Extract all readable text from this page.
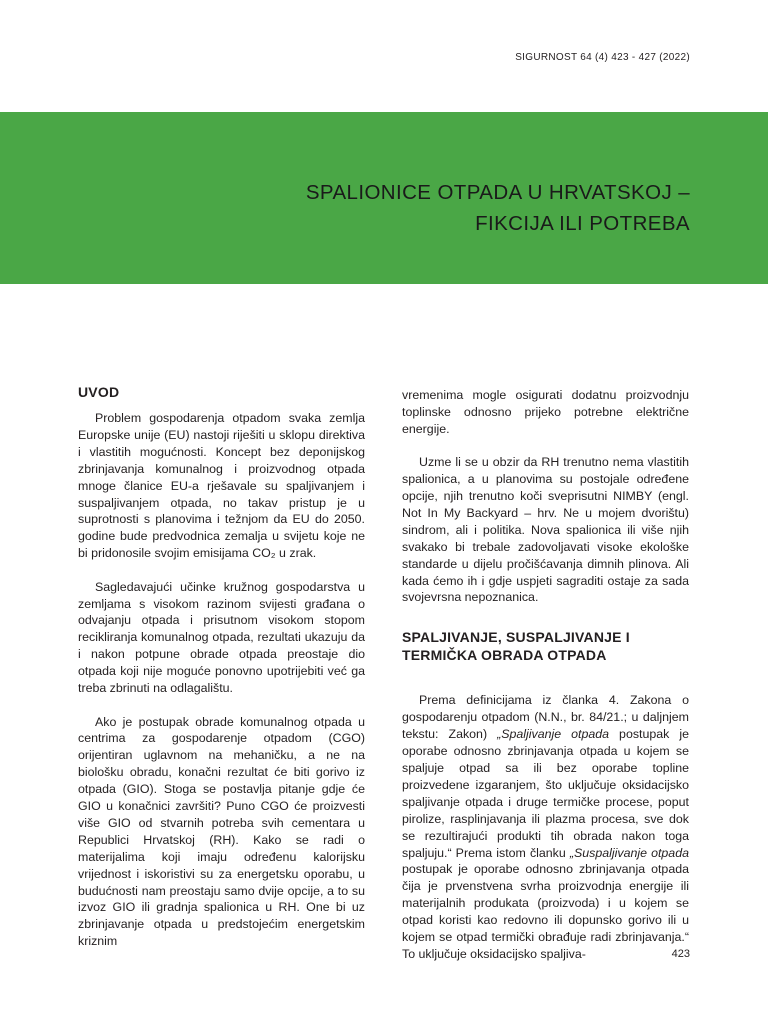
SIGURNOST 64 (4) 423 - 427 (2022)
SPALIONICE OTPADA U HRVATSKOJ –
FIKCIJA ILI POTREBA
UVOD

Problem gospodarenja otpadom svaka zemlja Europske unije (EU) nastoji riješiti u sklopu direktiva i vlastitih mogućnosti. Koncept bez deponijskog zbrinjavanja komunalnog i proizvodnog otpada mnoge članice EU-a rješavale su spaljivanjem i suspaljivanjem otpada, no takav pristup je u suprotnosti s planovima i težnjom da EU do 2050. godine bude predvodnica zemalja u svijetu koje ne bi pridonosile svojim emisijama CO₂ u zrak.

Sagledavajući učinke kružnog gospodarstva u zemljama s visokom razinom svijesti građana o odvajanju otpada i prisutnom visokom stopom recikliranja komunalnog otpada, rezultati ukazuju da i nakon potpune obrade otpada preostaje dio otpada koji nije moguće ponovno upotrijebiti već ga treba zbrinuti na odlagalištu.

Ako je postupak obrade komunalnog otpada u centrima za gospodarenje otpadom (CGO) orijentiran uglavnom na mehaničku, a ne na biološku obradu, konačni rezultat će biti gorivo iz otpada (GIO). Stoga se postavlja pitanje gdje će GIO u konačnici završiti? Puno CGO će proizvesti više GIO od stvarnih potreba svih cementara u Republici Hrvatskoj (RH). Kako se radi o materijalima koji imaju određenu kalorijsku vrijednost i iskoristivi su za energetsku oporabu, u budućnosti nam preostaju samo dvije opcije, a to su izvoz GIO ili gradnja spalionica u RH. One bi uz zbrinjavanje otpada u predstojećim energetskim kriznim

vremenima mogle osigurati dodatnu proizvodnju toplinske odnosno prijeko potrebne električne energije.

Uzme li se u obzir da RH trenutno nema vlastitih spalionica, a u planovima su postojale određene opcije, njih trenutno koči sveprisutni NIMBY (engl. Not In My Backyard – hrv. Ne u mojem dvorištu) sindrom, ali i politika. Nova spalionica ili više njih svakako bi trebale zadovoljavati visoke ekološke standarde u dijelu pročišćavanja dimnih plinova. Ali kada ćemo ih i gdje uspjeti sagraditi ostaje za sada svojevrsna nepoznanica.

SPALJIVANJE, SUSPALJIVANJE I
TERMIČKA OBRADA OTPADA

Prema definicijama iz članka 4. Zakona o gospodarenju otpadom (N.N., br. 84/21.; u daljnjem tekstu: Zakon) „Spaljivanje otpada postupak je oporabe odnosno zbrinjavanja otpada u kojem se spaljuje otpad sa ili bez oporabe topline proizvedene izgaranjem, što uključuje oksidacijsko spaljivanje otpada i druge termičke procese, poput pirolize, rasplinjavanja ili plazma procesa, sve dok se rezultirajući produkti tih obrada nakon toga spaljuju.“ Prema istom članku „Suspaljivanje otpada postupak je oporabe odnosno zbrinjavanja otpada čija je prvenstvena svrha proizvodnja energije ili materijalnih produkata (proizvoda) i u kojem se otpad koristi kao redovno ili dopunsko gorivo ili u kojem se otpad termički obrađuje radi zbrinjavanja.“ To uključuje oksidacijsko spaljiva-	423
